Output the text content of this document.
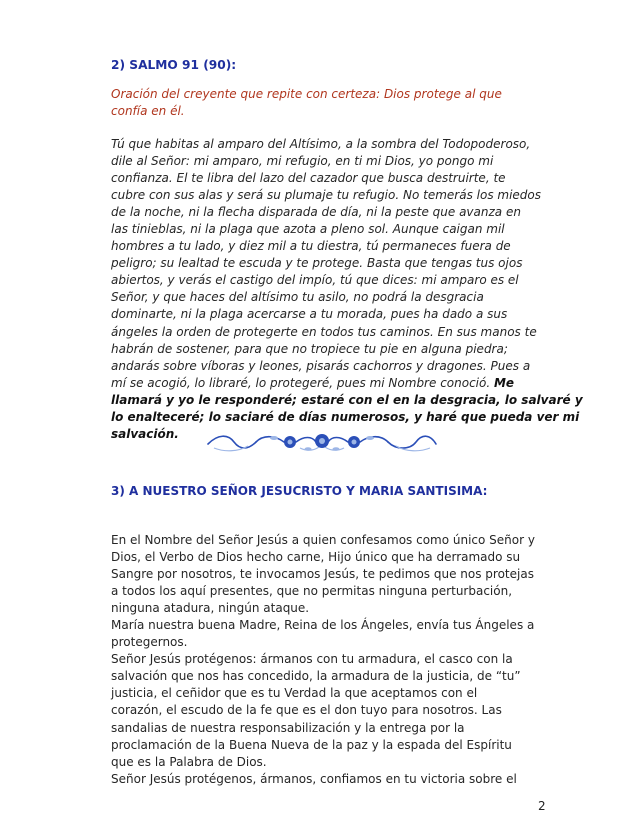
2) SALMO 91 (90):
Oración del creyente que repite con certeza: Dios protege al que
confía en él.
Tú que habitas al amparo del Altísimo, a la sombra del Todopoderoso,
dile al Señor: mi amparo, mi refugio, en ti mi Dios, yo pongo mi
confianza. El te libra del lazo del cazador que busca destruirte, te
cubre con sus alas y será su plumaje tu refugio. No temerás los miedos
de la noche, ni la flecha disparada de día, ni la peste que avanza en
las tinieblas, ni la plaga que azota a pleno sol. Aunque caigan mil
hombres a tu lado, y diez mil a tu diestra, tú permaneces fuera de
peligro; su lealtad te escuda y te protege. Basta que tengas tus ojos
abiertos, y verás el castigo del impío, tú que dices: mi amparo es el
Señor, y que haces del altísimo tu asilo, no podrá la desgracia
dominarte, ni la plaga acercarse a tu morada, pues ha dado a sus
ángeles la orden de protegerte en todos tus caminos. En sus manos te
habrán de sostener, para que no tropiece tu pie en alguna piedra;
andarás sobre víboras y leones, pisarás cachorros y dragones. Pues a
mí se acogió, lo libraré, lo protegeré, pues mi Nombre conoció. Me
llamará y yo le responderé; estaré con el en la desgracia, lo salvaré y
lo enalteceré; lo saciaré de días numerosos, y haré que pueda ver mi
salvación.
3) A NUESTRO SEÑOR JESUCRISTO Y MARIA SANTISIMA:
En el Nombre del Señor Jesús a quien confesamos como único Señor y
Dios, el Verbo de Dios hecho carne, Hijo único que ha derramado su
Sangre por nosotros, te invocamos Jesús, te pedimos que nos protejas
a todos los aquí presentes, que no permitas ninguna perturbación,
ninguna atadura, ningún ataque.
María nuestra buena Madre, Reina de los Ángeles, envía tus Ángeles a
protegernos.
Señor Jesús protégenos: ármanos con tu armadura, el casco con la
salvación que nos has concedido, la armadura de la justicia, de “tu”
justicia, el ceñidor que es tu Verdad la que aceptamos con el
corazón, el escudo de la fe que es el don tuyo para nosotros. Las
sandalias de nuestra responsabilización y la entrega por la
proclamación de la Buena Nueva de la paz y la espada del Espíritu
que es la Palabra de Dios.
Señor Jesús protégenos, ármanos, confiamos en tu victoria sobre el
2
